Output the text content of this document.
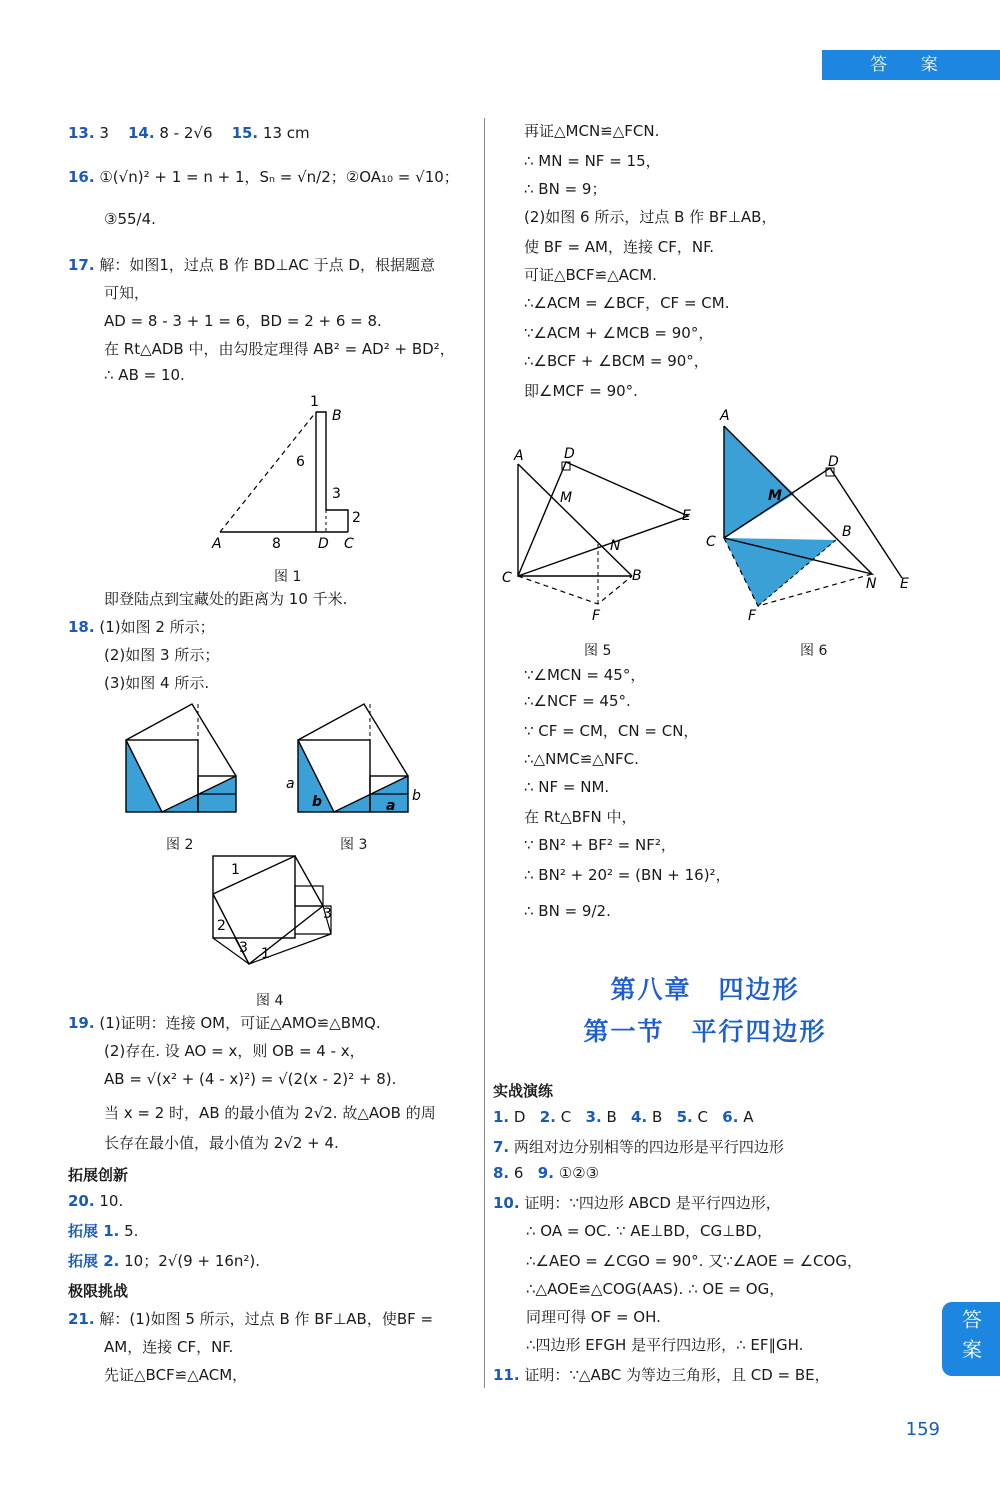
答 案
13. 3 14. 8 - 2√6 15. 13 cm
16. ①(√n)² + 1 = n + 1，Sₙ = √n/2；②OA₁₀ = √10；
③55/4.
17. 解：如图1，过点 B 作 BD⊥AC 于点 D，根据题意
可知，
AD = 8 - 3 + 1 = 6，BD = 2 + 6 = 8.
在 Rt△ADB 中，由勾股定理得 AB² = AD² + BD²，
∴ AB = 10.
1
B
6
3
2
A	8	D C
图 1
即登陆点到宝藏处的距离为 10 千米.
18. (1)如图 2 所示；
(2)如图 3 所示；
(3)如图 4 所示.
图 2
a
b	a
b
图 3
1
2
3
3 1
图 4
19. (1)证明：连接 OM，可证△AMO≌△BMQ.
(2)存在. 设 AO = x，则 OB = 4 - x，
AB = √(x² + (4 - x)²) = √(2(x - 2)² + 8).
当 x = 2 时，AB 的最小值为 2√2. 故△AOB 的周
长存在最小值，最小值为 2√2 + 4.
拓展创新
20. 10.
拓展 1. 5.
拓展 2. 10；2√(9 + 16n²).
极限挑战
21. 解：(1)如图 5 所示，过点 B 作 BF⊥AB，使BF =
AM，连接 CF，NF.
先证△BCF≌△ACM，
再证△MCN≌△FCN.
∴ MN = NF = 15，
∴ BN = 9；
(2)如图 6 所示，过点 B 作 BF⊥AB，
使 BF = AM，连接 CF，NF.
可证△BCF≌△ACM.
∴∠ACM = ∠BCF，CF = CM.
∵∠ACM + ∠MCB = 90°，
∴∠BCF + ∠BCM = 90°，
即∠MCF = 90°.
A	D
M
E
N
C	B
F
图 5
A
D
M
B
C
N E
F
图 6
∵∠MCN = 45°，
∴∠NCF = 45°.
∵ CF = CM，CN = CN，
∴△NMC≌△NFC.
∴ NF = NM.
在 Rt△BFN 中，
∵ BN² + BF² = NF²，
∴ BN² + 20² = (BN + 16)²，
∴ BN = 9/2.
第八章　四边形
第一节　平行四边形
实战演练
1. D 2. C 3. B 4. B 5. C 6. A
7. 两组对边分别相等的四边形是平行四边形
8. 6 9. ①②③
10. 证明：∵四边形 ABCD 是平行四边形，
∴ OA = OC. ∵ AE⊥BD，CG⊥BD，
∴∠AEO = ∠CGO = 90°. 又∵∠AOE = ∠COG，
∴△AOE≌△COG(AAS). ∴ OE = OG，
同理可得 OF = OH.
∴四边形 EFGH 是平行四边形，∴ EF∥GH.
11. 证明：∵△ABC 为等边三角形，且 CD = BE，
答案
159
